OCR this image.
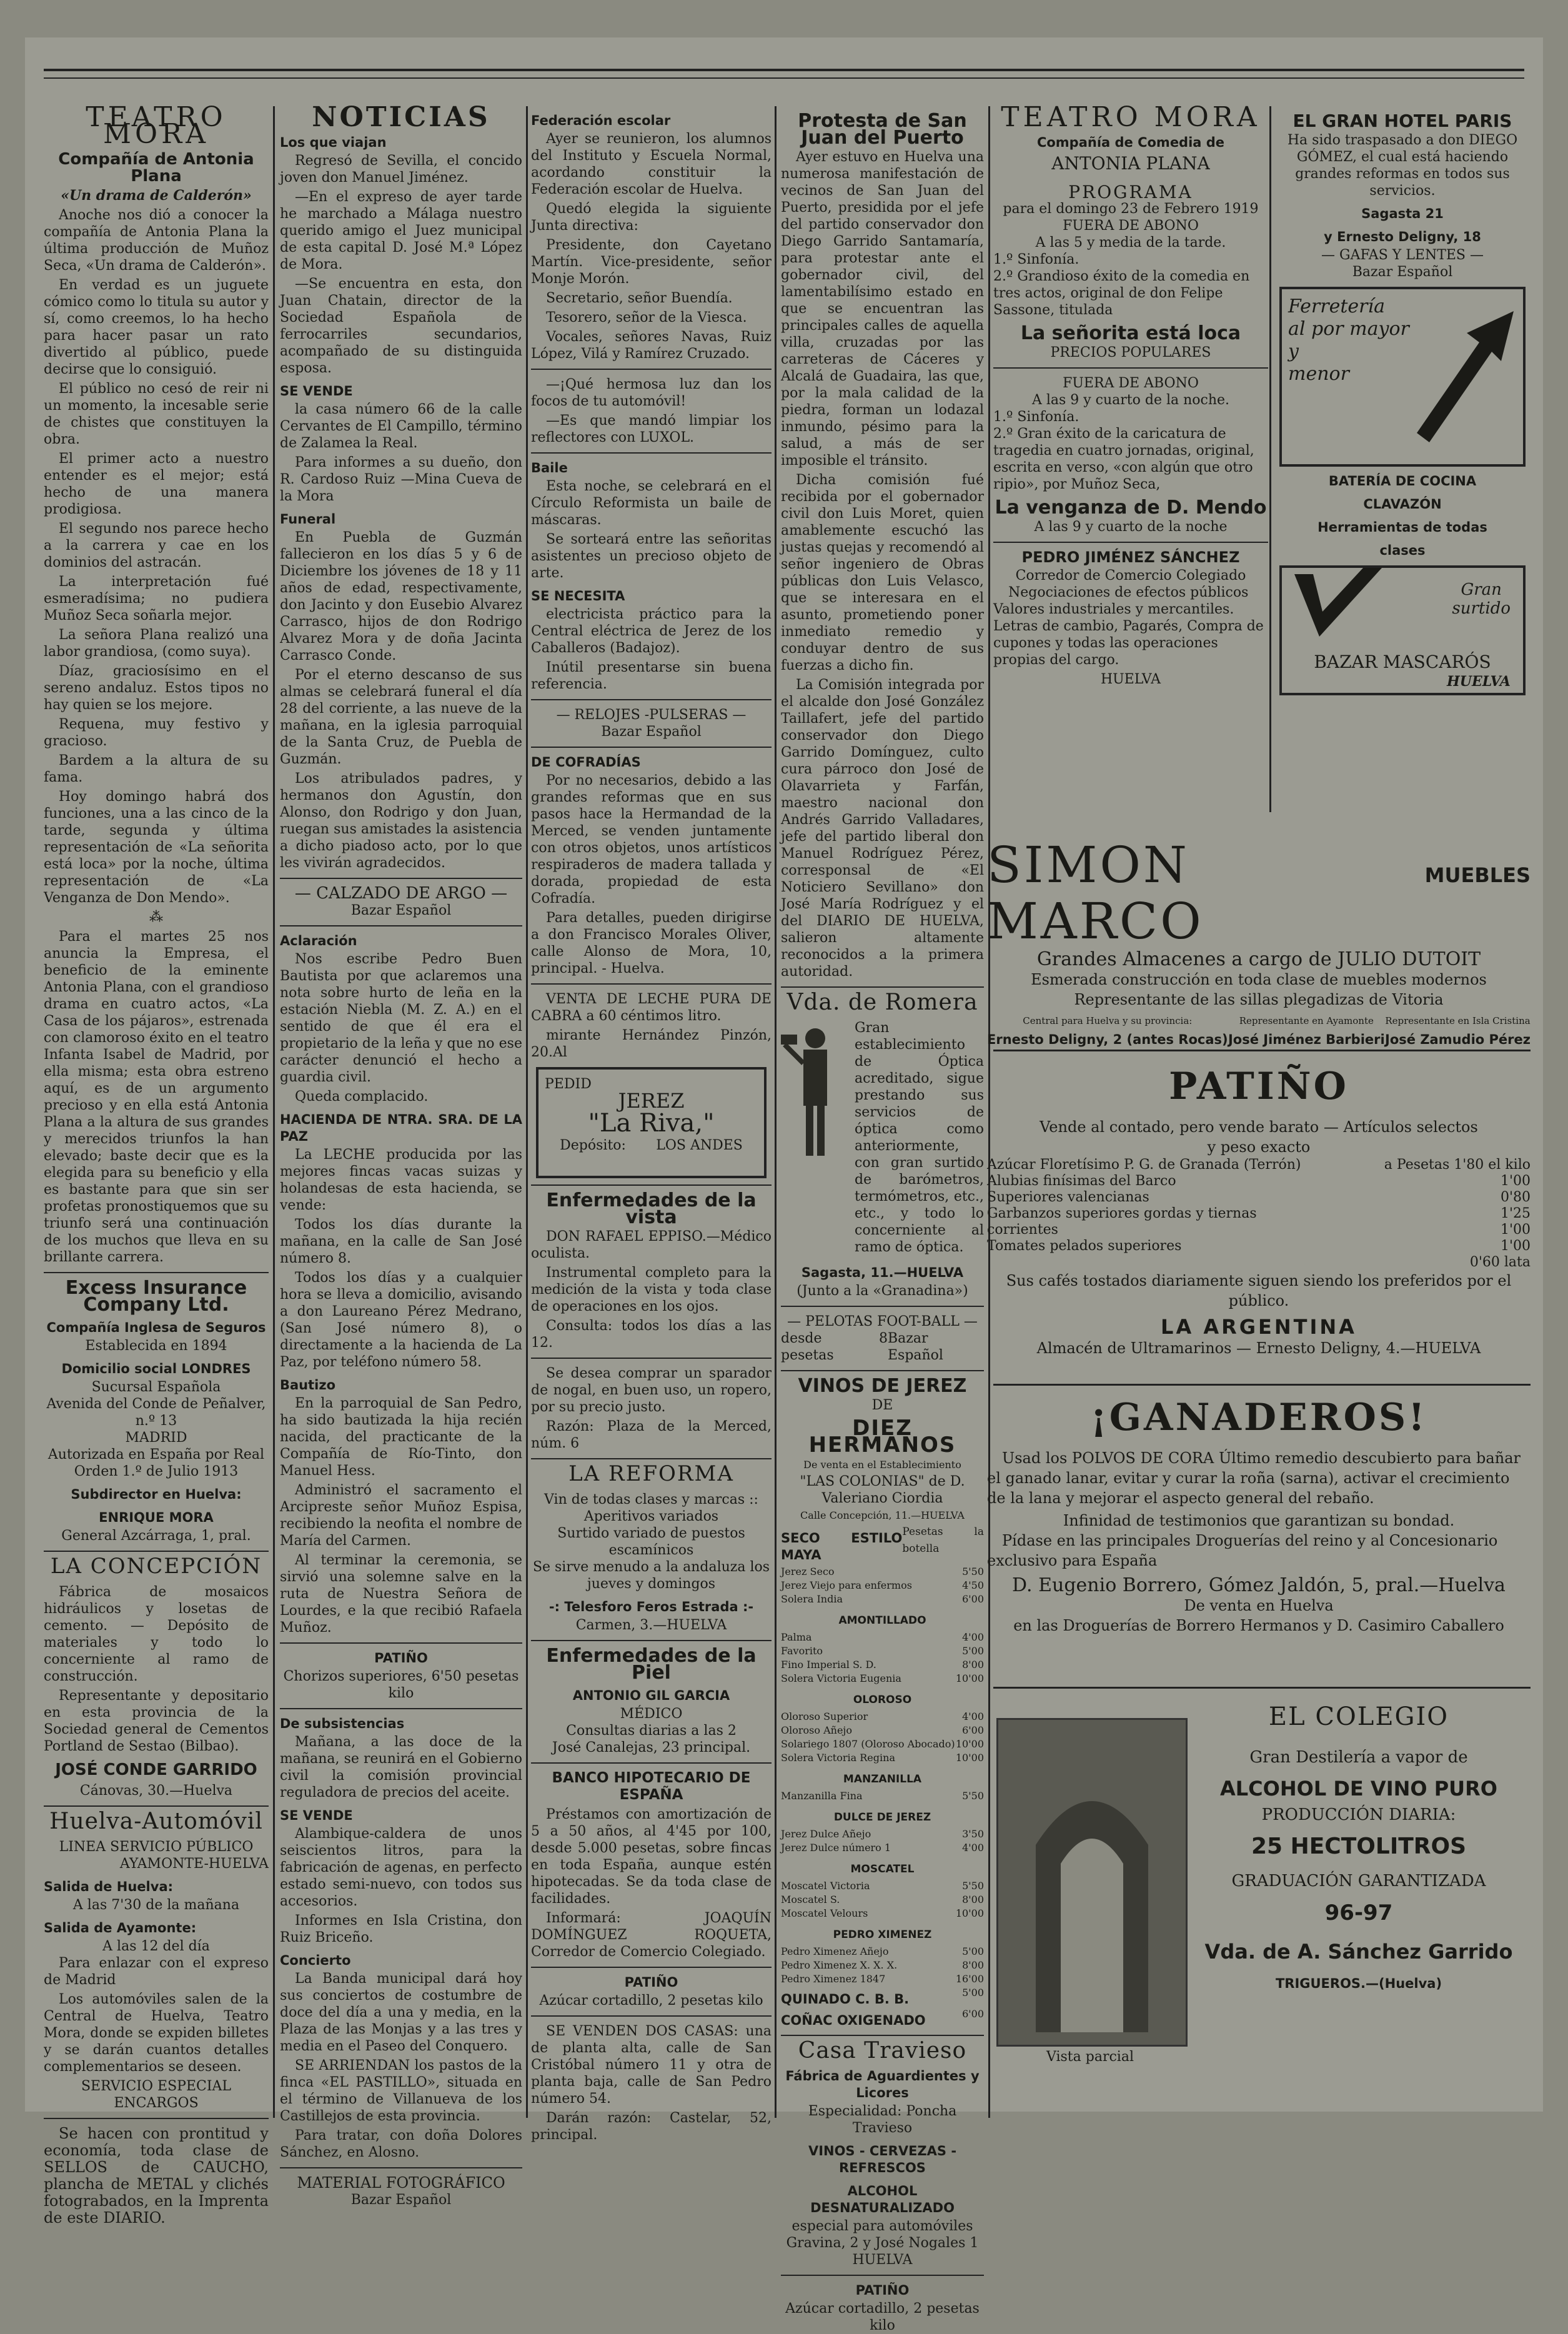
TEATRO MORA
Compañía de Antonia Plana
«Un drama de Calderón»

Anoche nos dió a conocer la compañía de Antonia Plana la última producción de Muñoz Seca, «Un drama de Calderón».

En verdad es un juguete cómico como lo titula su autor y sí, como creemos, lo ha hecho para hacer pasar un rato divertido al público, puede decirse que lo consiguió.

El público no cesó de reir ni un momento, la incesable serie de chistes que constituyen la obra.

El primer acto a nuestro entender es el mejor; está hecho de una manera prodigiosa.

El segundo nos parece hecho a la carrera y cae en los dominios del astracán.

La interpretación fué esmeradísima; no pudiera Muñoz Seca soñarla mejor.

La señora Plana realizó una labor grandiosa, (como suya).

Díaz, graciosísimo en el sereno andaluz. Estos tipos no hay quien se los mejore.

Requena, muy festivo y gracioso.

Bardem a la altura de su fama.

Hoy domingo habrá dos funciones, una a las cinco de la tarde, segunda y última representación de «La señorita está loca» por la noche, última representación de «La Venganza de Don Mendo».

⁂

Para el martes 25 nos anuncia la Empresa, el beneficio de la eminente Antonia Plana, con el grandioso drama en cuatro actos, «La Casa de los pájaros», estrenada con clamoroso éxito en el teatro Infanta Isabel de Madrid, por ella misma; esta obra estreno aquí, es de un argumento precioso y en ella está Antonia Plana a la altura de sus grandes y merecidos triunfos la han elevado; baste decir que es la elegida para su beneficio y ella es bastante para que sin ser profetas pronostiquemos que su triunfo será una continuación de los muchos que lleva en su brillante carrera.

Excess Insurance Company Ltd.
Compañía Inglesa de Seguros
Establecida en 1894
Domicilio social LONDRES
Sucursal Española
Avenida del Conde de Peñalver, n.º 13
MADRID
Autorizada en España por Real Orden 1.º de Julio 1913
Subdirector en Huelva:
ENRIQUE MORA
General Azcárraga, 1, pral.
LA CONCEPCIÓN

Fábrica de mosaicos hidráulicos y losetas de cemento. — Depósito de materiales y todo lo concerniente al ramo de construcción.

Representante y depositario en esta provincia de la Sociedad general de Cementos Portland de Sestao (Bilbao).

JOSÉ CONDE GARRIDO
Cánovas, 30.—Huelva
Huelva-Automóvil
LINEA SERVICIO PÚBLICO
AYAMONTE-HUELVA
Salida de Huelva:
A las 7'30 de la mañana
Salida de Ayamonte:
A las 12 del día

Para enlazar con el expreso de Madrid

Los automóviles salen de la Central de Huelva, Teatro Mora, donde se expiden billetes y se darán cuantos detalles complementarios se deseen.

SERVICIO ESPECIAL ENCARGOS

Se hacen con prontitud y economía, toda clase de SELLOS de CAUCHO, plancha de METAL y clichés fotograbados, en la Imprenta de este DIARIO.

NOTICIAS
Los que viajan

Regresó de Sevilla, el concido joven don Manuel Jiménez.

—En el expreso de ayer tarde he marchado a Málaga nuestro querido amigo el Juez municipal de esta capital D. José M.ª López de Mora.

—Se encuentra en esta, don Juan Chatain, director de la Sociedad Española de ferrocarriles secundarios, acompañado de su distinguida esposa.

SE VENDE

la casa número 66 de la calle Cervantes de El Campillo, término de Zalamea la Real.

Para informes a su dueño, don R. Cardoso Ruiz —Mina Cueva de la Mora

Funeral

En Puebla de Guzmán fallecieron en los días 5 y 6 de Diciembre los jóvenes de 18 y 11 años de edad, respectivamente, don Jacinto y don Eusebio Alvarez Carrasco, hijos de don Rodrigo Alvarez Mora y de doña Jacinta Carrasco Conde.

Por el eterno descanso de sus almas se celebrará funeral el día 28 del corriente, a las nueve de la mañana, en la iglesia parroquial de la Santa Cruz, de Puebla de Guzmán.

Los atribulados padres, y hermanos don Agustín, don Alonso, don Rodrigo y don Juan, ruegan sus amistades la asistencia a dicho piadoso acto, por lo que les vivirán agradecidos.

— CALZADO DE ARGO —
Bazar Español
Aclaración

Nos escribe Pedro Buen Bautista por que aclaremos una nota sobre hurto de leña en la estación Niebla (M. Z. A.) en el sentido de que él era el propietario de la leña y que no ese carácter denunció el hecho a guardia civil.

Queda complacido.

HACIENDA DE NTRA. SRA. DE LA PAZ

La LECHE producida por las mejores fincas vacas suizas y holandesas de esta hacienda, se vende:

Todos los días durante la mañana, en la calle de San José número 8.

Todos los días y a cualquier hora se lleva a domicilio, avisando a don Laureano Pérez Medrano, (San José número 8), o directamente a la hacienda de La Paz, por teléfono número 58.

Bautizo

En la parroquial de San Pedro, ha sido bautizada la hija recién nacida, del practicante de la Compañía de Río-Tinto, don Manuel Hess.

Administró el sacramento el Arcipreste señor Muñoz Espisa, recibiendo la neofita el nombre de María del Carmen.

Al terminar la ceremonia, se sirvió una solemne salve en la ruta de Nuestra Señora de Lourdes, e la que recibió Rafaela Muñoz.

PATIÑO
Chorizos superiores, 6'50 pesetas kilo
De subsistencias

Mañana, a las doce de la mañana, se reunirá en el Gobierno civil la comisión provincial reguladora de precios del aceite.

SE VENDE

Alambique-caldera de unos seiscientos litros, para la fabricación de agenas, en perfecto estado semi-nuevo, con todos sus accesorios.

Informes en Isla Cristina, don Ruiz Briceño.

Concierto

La Banda municipal dará hoy sus conciertos de costumbre de doce del día a una y media, en la Plaza de las Monjas y a las tres y media en el Paseo del Conquero.

SE ARRIENDAN los pastos de la finca «EL PASTILLO», situada en el término de Villanueva de los Castillejos de esta provincia.

Para tratar, con doña Dolores Sánchez, en Alosno.

MATERIAL FOTOGRÁFICO
Bazar Español
Federación escolar

Ayer se reunieron, los alumnos del Instituto y Escuela Normal, acordando constituir la Federación escolar de Huelva.

Quedó elegida la siguiente Junta directiva:

Presidente, don Cayetano Martín. Vice-presidente, señor Monje Morón.

Secretario, señor Buendía.

Tesorero, señor de la Viesca.

Vocales, señores Navas, Ruiz López, Vilá y Ramírez Cruzado.

—¡Qué hermosa luz dan los focos de tu automóvil!

—Es que mandó limpiar los reflectores con LUXOL.

Baile

Esta noche, se celebrará en el Círculo Reformista un baile de máscaras.

Se sorteará entre las señoritas asistentes un precioso objeto de arte.

SE NECESITA

electricista práctico para la Central eléctrica de Jerez de los Caballeros (Badajoz).

Inútil presentarse sin buena referencia.

— RELOJES -PULSERAS —
Bazar Español
DE COFRADÍAS

Por no necesarios, debido a las grandes reformas que en sus pasos hace la Hermandad de la Merced, se venden juntamente con otros objetos, unos artísticos respiraderos de madera tallada y dorada, propiedad de esta Cofradía.

Para detalles, pueden dirigirse a don Francisco Morales Oliver, calle Alonso de Mora, 10, principal. - Huelva.

VENTA DE LECHE PURA DE CABRA a 60 céntimos litro.

mirante Hernández Pinzón, 20.Al

PEDID
JEREZ
"La Riva,"
Depósito: LOS ANDES
Enfermedades de la vista

DON RAFAEL EPPISO.—Médico oculista.

Instrumental completo para la medición de la vista y toda clase de operaciones en los ojos.

Consulta: todos los días a las 12.

Se desea comprar un sparador de nogal, en buen uso, un ropero, por su precio justo.

Razón: Plaza de la Merced, núm. 6

LA REFORMA
Vin de todas clases y marcas :: Aperitivos variados
Surtido variado de puestos escamínicos
Se sirve menudo a la andaluza los jueves y domingos
-: Telesforo Feros Estrada :-
Carmen, 3.—HUELVA
Enfermedades de la Piel
ANTONIO GIL GARCIA
MÉDICO
Consultas diarias a las 2
José Canalejas, 23 principal.
BANCO HIPOTECARIO DE ESPAÑA

Préstamos con amortización de 5 a 50 años, al 4'45 por 100, desde 5.000 pesetas, sobre fincas en toda España, aunque estén hipotecadas. Se da toda clase de facilidades.

Informará: JOAQUÍN DOMÍNGUEZ ROQUETA, Corredor de Comercio Colegiado.

PATIÑO
Azúcar cortadillo, 2 pesetas kilo

SE VENDEN DOS CASAS: una de planta alta, calle de San Cristóbal número 11 y otra de planta baja, calle de San Pedro número 54.

Darán razón: Castelar, 52, principal.

Protesta de San Juan del Puerto

Ayer estuvo en Huelva una numerosa manifestación de vecinos de San Juan del Puerto, presidida por el jefe del partido conservador don Diego Garrido Santamaría, para protestar ante el gobernador civil, del lamentabilísimo estado en que se encuentran las principales calles de aquella villa, cruzadas por las carreteras de Cáceres y Alcalá de Guadaira, las que, por la mala calidad de la piedra, forman un lodazal inmundo, pésimo para la salud, a más de ser imposible el tránsito.

Dicha comisión fué recibida por el gobernador civil don Luis Moret, quien amablemente escuchó las justas quejas y recomendó al señor ingeniero de Obras públicas don Luis Velasco, que se interesara en el asunto, prometiendo poner inmediato remedio y conduyar dentro de sus fuerzas a dicho fin.

La Comisión integrada por el alcalde don José González Taillafert, jefe del partido conservador don Diego Garrido Domínguez, culto cura párroco don José de Olavarrieta y Farfán, maestro nacional don Andrés Garrido Valladares, jefe del partido liberal don Manuel Rodríguez Pérez, corresponsal de «El Noticiero Sevillano» don José María Rodríguez y el del DIARIO DE HUELVA, salieron altamente reconocidos a la primera autoridad.

Vda. de Romera

Gran establecimiento de Óptica acreditado, sigue prestando sus servicios de óptica como anteriormente, con gran surtido de barómetros, termómetros, etc., etc., y todo lo concerniente al ramo de óptica.

Sagasta, 11.—HUELVA
(Junto a la «Granadina»)
— PELOTAS FOOT-BALL —
desde 8 pesetas
Bazar Español
VINOS DE JEREZ
DE
DIEZ HERMANOS
De venta en el Establecimiento
"LAS COLONIAS" de D. Valeriano Ciordia
Calle Concepción, 11.—HUELVA
SECO ESTILO MAYA
Pesetas la botella
Jerez Seco	5'50
Jerez Viejo para enfermos	4'50
Solera India	6'00
AMONTILLADO
Palma	4'00
Favorito	5'00
Fino Imperial S. D.	8'00
Solera Victoria Eugenia	10'00
OLOROSO
Oloroso Superior	4'00
Oloroso Añejo	6'00
Solariego 1807 (Oloroso Abocado) 10'00
Solera Victoria Regina	10'00
MANZANILLA
Manzanilla Fina	5'50
DULCE DE JEREZ
Jerez Dulce Añejo	3'50
Jerez Dulce número 1	4'00
MOSCATEL
Moscatel Victoria	5'50
Moscatel S.	8'00
Moscatel Velours	10'00
PEDRO XIMENEZ
Pedro Ximenez Añejo	5'00
Pedro Ximenez X. X. X.	8'00
Pedro Ximenez 1847	16'00
QUINADO C. B. B.	5'00
COÑAC OXIGENADO	6'00
Casa Travieso
Fábrica de Aguardientes y Licores
Especialidad: Poncha Travieso
VINOS - CERVEZAS - REFRESCOS
ALCOHOL DESNATURALIZADO
especial para automóviles
Gravina, 2 y José Nogales 1
HUELVA
PATIÑO
Azúcar cortadillo, 2 pesetas kilo
TEATRO MORA
Compañía de Comedia de
ANTONIA PLANA
PROGRAMA
para el domingo 23 de Febrero 1919
FUERA DE ABONO
A las 5 y media de la tarde.
1.º Sinfonía.
2.º Grandioso éxito de la comedia en tres actos, original de don Felipe Sassone, titulada
La señorita está loca
PRECIOS POPULARES
FUERA DE ABONO
A las 9 y cuarto de la noche.
1.º Sinfonía.
2.º Gran éxito de la caricatura de tragedia en cuatro jornadas, original, escrita en verso, «con algún que otro ripio», por Muñoz Seca,
La venganza de D. Mendo
A las 9 y cuarto de la noche
PEDRO JIMÉNEZ SÁNCHEZ
Corredor de Comercio Colegiado

Negociaciones de efectos públicos Valores industriales y mercantiles. Letras de cambio, Pagarés, Compra de cupones y todas las operaciones propias del cargo.

HUELVA
EL GRAN HOTEL PARIS

Ha sido traspasado a don DIEGO GÓMEZ, el cual está haciendo grandes reformas en todos sus servicios.

Sagasta 21
y Ernesto Deligny, 18
— GAFAS Y LENTES —
Bazar Español
Ferretería
al por mayor
y
menor
BATERÍA DE COCINA
CLAVAZÓN
Herramientas de todas
clases
Gran
surtido
BAZAR MASCARÓS
HUELVA
SIMON MARCO
MUEBLES
Grandes Almacenes a cargo de JULIO DUTOIT
Esmerada construcción en toda clase de muebles modernos
Representante de las sillas plegadizas de Vitoria
Central para Huelva y su provincia:
Ernesto Deligny, 2 (antes Rocas)
Representante en Ayamonte
José Jiménez Barbieri
Representante en Isla Cristina
José Zamudio Pérez
PATIÑO
Vende al contado, pero vende barato — Artículos selectos
y peso exacto
Azúcar Floretísimo P. G. de Granada (Terrón)	a Pesetas 1'80 el kilo
Alubias finísimas del Barco	1'00
Superiores valencianas	0'80
Garbanzos superiores gordas y tiernas	1'25
corrientes	1'00
Tomates pelados superiores	1'00
0'60 lata
Sus cafés tostados diariamente siguen siendo los preferidos por el público.
LA ARGENTINA
Almacén de Ultramarinos — Ernesto Deligny, 4.—HUELVA
¡GANADEROS!

Usad los POLVOS DE CORA Último remedio descubierto para bañar el ganado lanar, evitar y curar la roña (sarna), activar el crecimiento de la lana y mejorar el aspecto general del rebaño.

Infinidad de testimonios que garantizan su bondad.

Pídase en las principales Droguerías del reino y al Concesionario exclusivo para España

D. Eugenio Borrero, Gómez Jaldón, 5, pral.—Huelva
De venta en Huelva
en las Droguerías de Borrero Hermanos y D. Casimiro Caballero
Vista parcial
EL COLEGIO
Gran Destilería a vapor de
ALCOHOL DE VINO PURO
PRODUCCIÓN DIARIA:
25 HECTOLITROS
GRADUACIÓN GARANTIZADA
96-97
Vda. de A. Sánchez Garrido
TRIGUEROS.—(Huelva)
